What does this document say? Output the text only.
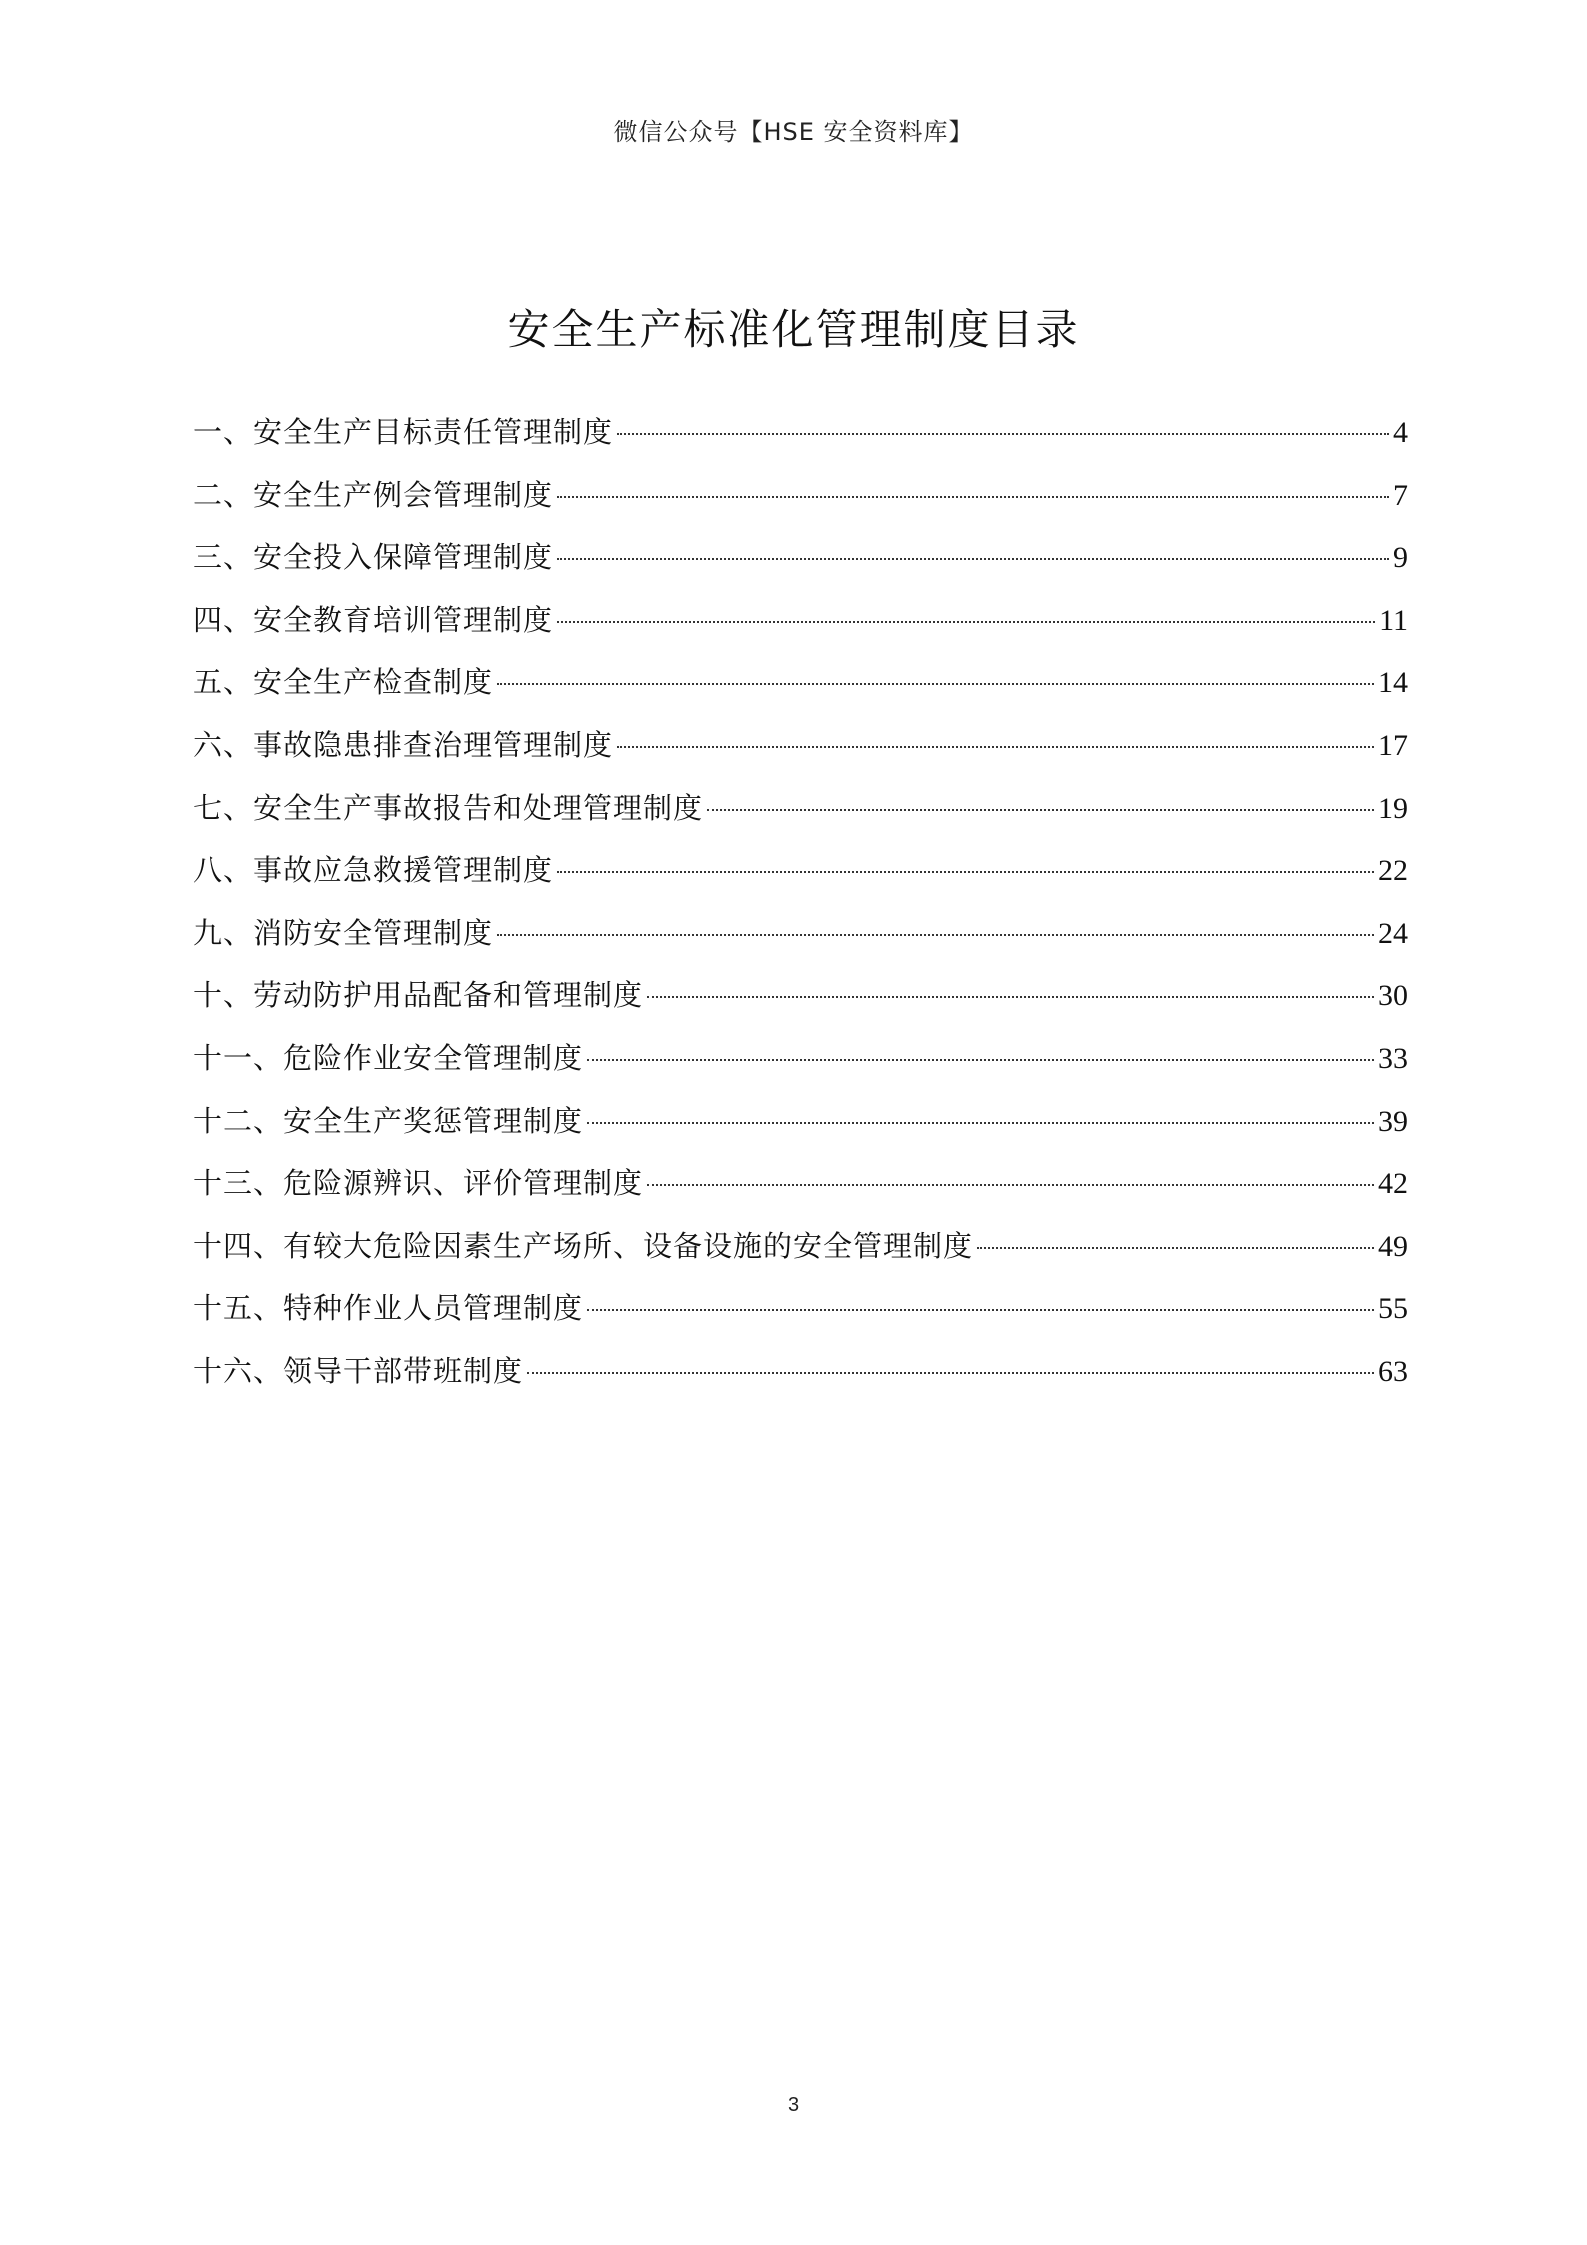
微信公众号【HSE 安全资料库】
安全生产标准化管理制度目录
一、安全生产目标责任管理制度	4
二、安全生产例会管理制度	7
三、安全投入保障管理制度	9
四、安全教育培训管理制度	11
五、安全生产检查制度	14
六、事故隐患排查治理管理制度	17
七、安全生产事故报告和处理管理制度	19
八、事故应急救援管理制度	22
九、消防安全管理制度	24
十、劳动防护用品配备和管理制度	30
十一、危险作业安全管理制度	33
十二、安全生产奖惩管理制度	39
十三、危险源辨识、评价管理制度	42
十四、有较大危险因素生产场所、设备设施的安全管理制度	49
十五、特种作业人员管理制度	55
十六、领导干部带班制度	63
3
